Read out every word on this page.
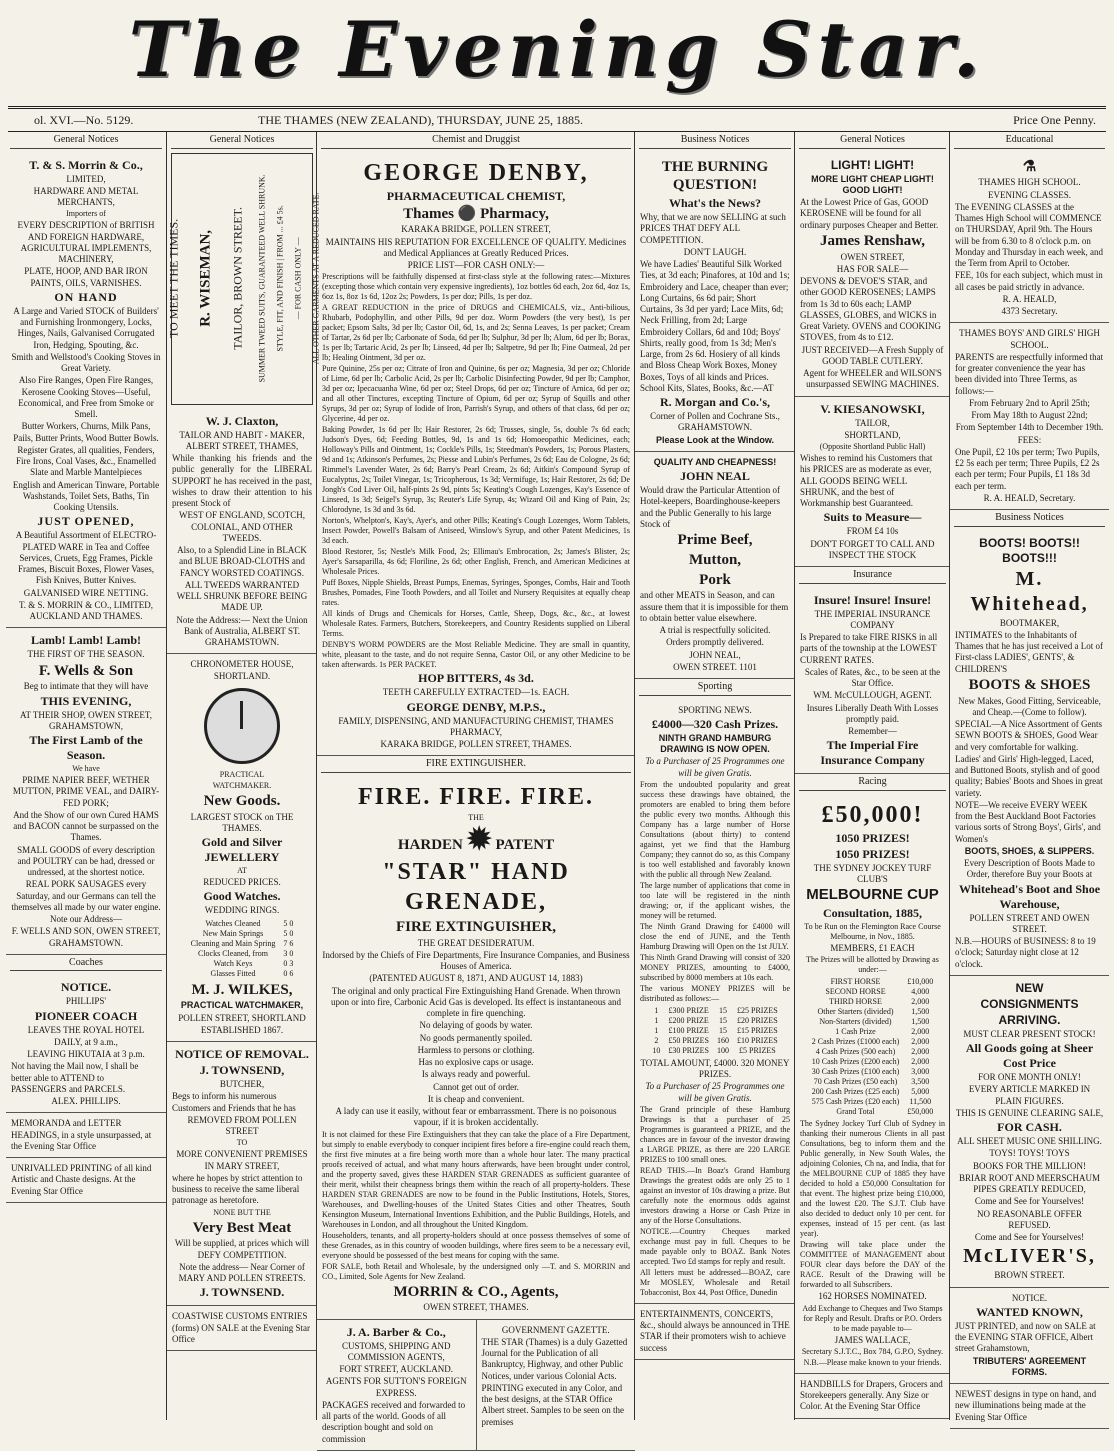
The Evening Star.
ol. XVI.—No. 5129.	THE THAMES (NEW ZEALAND), THURSDAY, JUNE 25, 1885.	Price One Penny.
General Notices

T. & S. Morrin & Co.,

LIMITED,

HARDWARE AND METAL MERCHANTS,

Importers of

EVERY DESCRIPTION of BRITISH AND FOREIGN HARDWARE, AGRICULTURAL IMPLEMENTS, MACHINERY,

PLATE, HOOP, AND BAR IRON PAINTS, OILS, VARNISHES.

ON HAND

A Large and Varied STOCK of Builders' and Furnishing Ironmongery, Locks, Hinges, Nails, Galvanised Corrugated Iron, Hedging, Spouting, &c.

Smith and Wellstood's Cooking Stoves in Great Variety.

Also Fire Ranges, Open Fire Ranges, Kerosene Cooking Stoves—Useful, Economical, and Free from Smoke or Smell.

Butter Workers, Churns, Milk Pans, Pails, Butter Prints, Wood Butter Bowls.

Register Grates, all qualities, Fenders, Fire Irons, Coal Vases, &c., Enamelled Slate and Marble Mantelpieces

English and American Tinware, Portable Washstands, Toilet Sets, Baths, Tin Cooking Utensils.

JUST OPENED,

A Beautiful Assortment of ELECTRO-PLATED WARE in Tea and Coffee Services, Cruets, Egg Frames, Pickle Frames, Biscuit Boxes, Flower Vases, Fish Knives, Butter Knives.

GALVANISED WIRE NETTING.

T. & S. MORRIN & CO., LIMITED, AUCKLAND AND THAMES.

Lamb! Lamb! Lamb!

THE FIRST OF THE SEASON.

F. Wells & Son

Beg to intimate that they will have

THIS EVENING,

AT THEIR SHOP, OWEN STREET, GRAHAMSTOWN,

The First Lamb of the Season.

We have

PRIME NAPIER BEEF, WETHER MUTTON, PRIME VEAL, and DAIRY-FED PORK;

And the Show of our own Cured HAMS and BACON cannot be surpassed on the Thames.

SMALL GOODS of every description and POULTRY can be had, dressed or undressed, at the shortest notice.

REAL PORK SAUSAGES every Saturday, and our Germans can tell the themselves all made by our water engine.

Note our Address—

F. WELLS AND SON, OWEN STREET, GRAHAMSTOWN.

Coaches

NOTICE.

PHILLIPS'

PIONEER COACH

LEAVES THE ROYAL HOTEL

DAILY, at 9 a.m.,

LEAVING HIKUTAIA at 3 p.m.

Not having the Mail now, I shall be better able to ATTEND to PASSENGERS and PARCELS.

ALEX. PHILLIPS.

MEMORANDA and LETTER HEADINGS, in a style unsurpassed, at the Evening Star Office

UNRIVALLED PRINTING of all kind Artistic and Chaste designs. At the Evening Star Office

General Notices

TO MEET THE TIMES. R. WISEMAN, TAILOR, BROWN STREET. SUMMER TWEED SUITS, GUARANTEED WELL SHRUNK. STYLE, FIT, AND FINISH | FROM ... £4 5s. — FOR CASH ONLY — ALL OTHER GARMENTS AT A REDUCED RATE.

W. J. Claxton,

TAILOR AND HABIT - MAKER, ALBERT STREET, THAMES,

While thanking his friends and the public generally for the LIBERAL SUPPORT he has received in the past, wishes to draw their attention to his present Stock of

WEST OF ENGLAND, SCOTCH, COLONIAL, AND OTHER TWEEDS.

Also, to a Splendid Line in BLACK and BLUE BROAD-CLOTHS and FANCY WORSTED COATINGS.

ALL TWEEDS WARRANTED WELL SHRUNK BEFORE BEING MADE UP.

Note the Address:— Next the Union Bank of Australia, ALBERT ST. GRAHAMSTOWN.

CHRONOMETER HOUSE, SHORTLAND.

PRACTICAL

WATCHMAKER.

New Goods.

LARGEST STOCK on THE THAMES.

Gold and Silver JEWELLERY

AT

REDUCED PRICES.

Good Watches.

WEDDING RINGS.

Watches Cleaned	5 0
New Main Springs	5 0
Cleaning and Main Spring	7 6
Clocks Cleaned, from	3 0
Watch Keys	0 3
Glasses Fitted	0 6

M. J. WILKES,

PRACTICAL WATCHMAKER,

POLLEN STREET, SHORTLAND

ESTABLISHED 1867.

NOTICE OF REMOVAL.

J. TOWNSEND,

BUTCHER,

Begs to inform his numerous Customers and Friends that he has

REMOVED FROM POLLEN STREET

TO

MORE CONVENIENT PREMISES IN MARY STREET,

where he hopes by strict attention to business to receive the same liberal patronage as heretofore.

NONE BUT THE

Very Best Meat

Will be supplied, at prices which will DEFY COMPETITION.

Note the address— Near Corner of MARY AND POLLEN STREETS.

J. TOWNSEND.

COASTWISE CUSTOMS ENTRIES (forms) ON SALE at the Evening Star Office

Chemist and Druggist

GEORGE DENBY,

PHARMACEUTICAL CHEMIST,

Thames ⚫ Pharmacy,

KARAKA BRIDGE, POLLEN STREET,

MAINTAINS HIS REPUTATION FOR EXCELLENCE OF QUALITY. Medicines and Medical Appliances at Greatly Reduced Prices.

PRICE LIST—FOR CASH ONLY:—

Prescriptions will be faithfully dispensed at first-class style at the following rates:—Mixtures (excepting those which contain very expensive ingredients), 1oz bottles 6d each, 2oz 6d, 4oz 1s, 6oz 1s, 8oz 1s 6d, 12oz 2s; Powders, 1s per doz; Pills, 1s per doz.

A GREAT REDUCTION in the price of DRUGS and CHEMICALS, viz., Anti-bilious, Rhubarb, Podophyllin, and other Pills, 9d per doz. Worm Powders (the very best), 1s per packet; Epsom Salts, 3d per lb; Castor Oil, 6d, 1s, and 2s; Senna Leaves, 1s per packet; Cream of Tartar, 2s 6d per lb; Carbonate of Soda, 6d per lb; Sulphur, 3d per lb; Alum, 6d per lb; Borax, 1s per lb; Tartaric Acid, 2s per lb; Linseed, 4d per lb; Saltpetre, 9d per lb; Fine Oatmeal, 2d per lb; Healing Ointment, 3d per oz.

Pure Quinine, 25s per oz; Citrate of Iron and Quinine, 6s per oz; Magnesia, 3d per oz; Chloride of Lime, 6d per lb; Carbolic Acid, 2s per lb; Carbolic Disinfecting Powder, 9d per lb; Camphor, 3d per oz; Ipecacuanha Wine, 6d per oz; Steel Drops, 6d per oz; Tincture of Arnica, 6d per oz; and all other Tinctures, excepting Tincture of Opium, 6d per oz; Syrup of Squills and other Syrups, 3d per oz; Syrup of Iodide of Iron, Parrish's Syrup, and others of that class, 6d per oz; Glycerine, 4d per oz.

Baking Powder, 1s 6d per lb; Hair Restorer, 2s 6d; Trusses, single, 5s, double 7s 6d each; Judson's Dyes, 6d; Feeding Bottles, 9d, 1s and 1s 6d; Homoeopathic Medicines, each; Holloway's Pills and Ointment, 1s; Cockle's Pills, 1s; Steedman's Powders, 1s; Porous Plasters, 9d and 1s; Atkinson's Perfumes, 2s; Piesse and Lubin's Perfumes, 2s 6d; Eau de Cologne, 2s 6d; Rimmel's Lavender Water, 2s 6d; Barry's Pearl Cream, 2s 6d; Aitkin's Compound Syrup of Eucalyptus, 2s; Toilet Vinegar, 1s; Tricopherous, 1s 3d; Vermifuge, 1s; Hair Restorer, 2s 6d; De Jongh's Cod Liver Oil, half-pints 2s 9d, pints 5s; Keating's Cough Lozenges, Kay's Essence of Linseed, 1s 3d; Seigel's Syrup, 3s; Reuter's Life Syrup, 4s; Wizard Oil and King of Pain, 2s; Chlorodyne, 1s 3d and 3s 6d.

Norton's, Whelpton's, Kay's, Ayer's, and other Pills; Keating's Cough Lozenges, Worm Tablets, Insect Powder, Powell's Balsam of Aniseed, Winslow's Syrup, and other Patent Medicines, 1s 3d each.

Blood Restorer, 5s; Nestle's Milk Food, 2s; Ellimau's Embrocation, 2s; James's Blister, 2s; Ayer's Sarsaparilla, 4s 6d; Floriline, 2s 6d; other English, French, and American Medicines at Wholesale Prices.

Puff Boxes, Nipple Shields, Breast Pumps, Enemas, Syringes, Sponges, Combs, Hair and Tooth Brushes, Pomades, Fine Tooth Powders, and all Toilet and Nursery Requisites at equally cheap rates.

All kinds of Drugs and Chemicals for Horses, Cattle, Sheep, Dogs, &c., &c., at lowest Wholesale Rates. Farmers, Butchers, Storekeepers, and Country Residents supplied on Liberal Terms.

DENBY'S WORM POWDERS are the Most Reliable Medicine. They are small in quantity, white, pleasant to the taste, and do not require Senna, Castor Oil, or any other Medicine to be taken afterwards. 1s PER PACKET.

HOP BITTERS, 4s 3d.

TEETH CAREFULLY EXTRACTED—1s. EACH.

GEORGE DENBY, M.P.S.,

FAMILY, DISPENSING, AND MANUFACTURING CHEMIST, THAMES PHARMACY,

KARAKA BRIDGE, POLLEN STREET, THAMES.

FIRE EXTINGUISHER.

FIRE. FIRE. FIRE.

THE

HARDEN ✹ PATENT

"STAR" HAND GRENADE,

FIRE EXTINGUISHER,

THE GREAT DESIDERATUM.

Indorsed by the Chiefs of Fire Departments, Fire Insurance Companies, and Business Houses of America.

(PATENTED AUGUST 8, 1871, AND AUGUST 14, 1883)

The original and only practical Fire Extinguishing Hand Grenade. When thrown upon or into fire, Carbonic Acid Gas is developed. Its effect is instantaneous and complete in fire quenching.

No delaying of goods by water.

No goods permanently spoiled.

Harmless to persons or clothing.

Has no explosive caps or usage.

Is always ready and powerful.

Cannot get out of order.

It is cheap and convenient.

A lady can use it easily, without fear or embarrassment. There is no poisonous vapour, if it is broken accidentally.

It is not claimed for these Fire Extinguishers that they can take the place of a Fire Department, but simply to enable everybody to conquer incipient fires before a fire-engine could reach them, the first five minutes at a fire being worth more than a whole hour later. The many practical proofs received of actual, and what many hours afterwards, have been brought under control, and the property saved, gives these HARDEN STAR GRENADES as sufficient guarantee of their merit, whilst their cheapness brings them within the reach of all property-holders. These HARDEN STAR GRENADES are now to be found in the Public Institutions, Hotels, Stores, Warehouses, and Dwelling-houses of the United States Cities and other Theatres, South Kensington Museum, International Inventions Exhibition, and the Public Buildings, Hotels, and Warehouses in London, and all throughout the United Kingdom.

Householders, tenants, and all property-holders should at once possess themselves of some of these Grenades, as in this country of wooden buildings, where fires seem to be a necessary evil, everyone should be possessed of the best means for coping with the same.

FOR SALE, both Retail and Wholesale, by the undersigned only —T. and S. MORRIN and CO., Limited, Sole Agents for New Zealand.

MORRIN & CO., Agents,

OWEN STREET, THAMES.

J. A. Barber & Co.,

CUSTOMS, SHIPPING AND COMMISSION AGENTS,

FORT STREET, AUCKLAND.

AGENTS FOR SUTTON'S FOREIGN EXPRESS.

PACKAGES received and forwarded to all parts of the world. Goods of all description bought and sold on commission

GOVERNMENT GAZETTE.

THE STAR (Thames) is a duly Gazetted Journal for the Publication of all Bankruptcy, Highway, and other Public Notices, under various Colonial Acts.

PRINTING executed in any Color, and the best designs, at the STAR Office Albert street. Samples to be seen on the premises

Business Notices

THE BURNING QUESTION!

What's the News?

Why, that we are now SELLING at such PRICES THAT DEFY ALL COMPETITION.

DON'T LAUGH.

We have Ladies' Beautiful Silk Worked Ties, at 3d each; Pinafores, at 10d and 1s; Embroidery and Lace, cheaper than ever; Long Curtains, 6s 6d pair; Short Curtains, 3s 3d per yard; Lace Mits, 6d; Neck Frilling, from 2d; Large Embroidery Collars, 6d and 10d; Boys' Shirts, really good, from 1s 3d; Men's Large, from 2s 6d. Hosiery of all kinds and Bloss Cheap Work Boxes, Money Boxes, Toys of all kinds and Prices. School Kits, Slates, Books, &c.—AT

R. Morgan and Co.'s,

Corner of Pollen and Cochrane Sts., GRAHAMSTOWN.

Please Look at the Window.

QUALITY AND CHEAPNESS!

JOHN NEAL

Would draw the Particular Attention of Hotel-keepers, Boardinghouse-keepers and the Public Generally to his large Stock of

Prime Beef,

Mutton,

Pork

and other MEATS in Season, and can assure them that it is impossible for them to obtain better value elsewhere.

A trial is respectfully solicited.

Orders promptly delivered.

JOHN NEAL,

OWEN STREET. 1101

Sporting

SPORTING NEWS.

£4000—320 Cash Prizes.

NINTH GRAND HAMBURG DRAWING IS NOW OPEN.

To a Purchaser of 25 Programmes one will be given Gratis.

From the undoubted popularity and great success these drawings have obtained, the promoters are enabled to bring them before the public every two months. Although this Company has a large number of Horse Consultations (about thirty) to contend against, yet we find that the Hamburg Company; they cannot do so, as this Company is too well established and favorably known with the public all through New Zealand.

The large number of applications that come in too late will be registered in the ninth drawing; or, if the applicant wishes, the money will be returned.

The Ninth Grand Drawing for £4000 will close the end of JUNE, and the Tenth Hamburg Drawing will Open on the 1st JULY.

This Ninth Grand Drawing will consist of 320 MONEY PRIZES, amounting to £4000, subscribed by 8000 members at 10s each.

The various MONEY PRIZES will be distributed as follows:—

1	£300 PRIZE	15	£25 PRIZES
1	£200 PRIZE	15	£20 PRIZES
1	£100 PRIZE	15	£15 PRIZES
2	£50 PRIZES	160	£10 PRIZES
10	£30 PRIZES	100	£5 PRIZES

TOTAL AMOUNT, £4000. 320 MONEY PRIZES.

To a Purchaser of 25 Programmes one will be given Gratis.

The Grand principle of these Hamburg Drawings is that a purchaser of 25 Programmes is guaranteed a PRIZE, and the chances are in favour of the investor drawing a LARGE PRIZE, as there are 220 LARGE PRIZES to 100 small ones.

READ THIS.—In Boaz's Grand Hamburg Drawings the greatest odds are only 25 to 1 against an investor of 10s drawing a prize. But carefully note the enormous odds against investors drawing a Horse or Cash Prize in any of the Horse Consultations.

NOTICE.—Country Cheques marked exchange must pay in full. Cheques to be made payable only to BOAZ. Bank Notes accepted. Two £d stamps for reply and result.

All letters must be addressed—BOAZ, care Mr MOSLEY, Wholesale and Retail Tobacconist, Box 44, Post Office, Dunedin

ENTERTAINMENTS, CONCERTS, &c., should always be announced in THE STAR if their promoters wish to achieve success

General Notices

LIGHT! LIGHT!

MORE LIGHT CHEAP LIGHT! GOOD LIGHT!

At the Lowest Price of Gas, GOOD KEROSENE will be found for all ordinary purposes Cheaper and Better.

James Renshaw,

OWEN STREET,

HAS FOR SALE—

DEVONS & DEVOE'S STAR, and other GOOD KEROSENES; LAMPS from 1s 3d to 60s each; LAMP GLASSES, GLOBES, and WICKS in Great Variety. OVENS and COOKING STOVES, from 4s to £12.

JUST RECEIVED—A Fresh Supply of GOOD TABLE CUTLERY.

Agent for WHEELER and WILSON'S unsurpassed SEWING MACHINES.

V. KIESANOWSKI,

TAILOR,

SHORTLAND,

(Opposite Shortland Public Hall)

Wishes to remind his Customers that his PRICES are as moderate as ever, ALL GOODS BEING WELL SHRUNK, and the best of Workmanship best Guaranteed.

Suits to Measure—

FROM £4 10s

DON'T FORGET TO CALL AND INSPECT THE STOCK

Insurance

Insure! Insure! Insure!

THE IMPERIAL INSURANCE COMPANY

Is Prepared to take FIRE RISKS in all parts of the township at the LOWEST CURRENT RATES.

Scales of Rates, &c., to be seen at the Star Office.

WM. McCULLOUGH, AGENT.

Insures Liberally Death With Losses promptly paid.

Remember—

The Imperial Fire Insurance Company

Racing

£50,000!

1050 PRIZES!

1050 PRIZES!

THE SYDNEY JOCKEY TURF CLUB'S

MELBOURNE CUP

Consultation, 1885,

To be Run on the Flemington Race Course Melbourne, in Nov., 1885.

MEMBERS, £1 EACH

The Prizes will be allotted by Drawing as under:—

FIRST HORSE	£10,000
SECOND HORSE	4,000
THIRD HORSE	2,000
Other Starters (divided)	1,500
Non-Starters (divided)	1,500
1 Cash Prize	2,000
2 Cash Prizes (£1000 each)	2,000
4 Cash Prizes (500 each)	2,000
10 Cash Prizes (£200 each)	2,000
30 Cash Prizes (£100 each)	3,000
70 Cash Prizes (£50 each)	3,500
200 Cash Prizes (£25 each)	5,000
575 Cash Prizes (£20 each)	11,500
Grand Total	£50,000

The Sydney Jockey Turf Club of Sydney in thanking their numerous Clients in all past Consultations, beg to inform them and the Public generally, in New South Wales, the adjoining Colonies, Ch na, and India, that for the MELBOURNE CUP of 1885 they have decided to hold a £50,000 Consultation for that event. The highest prize being £10,000, and the lowest £20. The S.J.T. Club have also decided to deduct only 10 per cent. for expenses, instead of 15 per cent. (as last year).

Drawing will take place under the COMMITTEE of MANAGEMENT about FOUR clear days before the DAY of the RACE. Result of the Drawing will be forwarded to all Subscribers.

162 HORSES NOMINATED.

Add Exchange to Cheques and Two Stamps for Reply and Result. Drafts or P.O. Orders to be made payable to—

JAMES WALLACE,

Secretary S.J.T.C., Box 784, G.P.O, Sydney.

N.B.—Please make known to your friends.

HANDBILLS for Drapers, Grocers and Storekeepers generally. Any Size or Color. At the Evening Star Office

Educational

⚗

THAMES HIGH SCHOOL.

EVENING CLASSES.

The EVENING CLASSES at the Thames High School will COMMENCE on THURSDAY, April 9th. The Hours will be from 6.30 to 8 o'clock p.m. on Monday and Thursday in each week, and the Term from April to October.

FEE, 10s for each subject, which must in all cases be paid strictly in advance.

R. A. HEALD,

4373 Secretary.

THAMES BOYS' AND GIRLS' HIGH SCHOOL.

PARENTS are respectfully informed that for greater convenience the year has been divided into Three Terms, as follows:—

From February 2nd to April 25th;

From May 18th to August 22nd;

From September 14th to December 19th.

FEES:

One Pupil, £2 10s per term; Two Pupils, £2 5s each per term; Three Pupils, £2 2s each per term; Four Pupils, £1 18s 3d each per term.

R. A. HEALD, Secretary.

Business Notices

BOOTS! BOOTS!! BOOTS!!!

M. Whitehead,

BOOTMAKER,

INTIMATES to the Inhabitants of Thames that he has just received a Lot of First-class LADIES', GENTS', & CHILDREN'S

BOOTS & SHOES

New Makes, Good Fitting, Serviceable, and Cheap.—(Come to follow).

SPECIAL—A Nice Assortment of Gents SEWN BOOTS & SHOES, Good Wear and very comfortable for walking.

Ladies' and Girls' High-legged, Laced, and Buttoned Boots, stylish and of good quality; Babies' Boots and Shoes in great variety.

NOTE—We receive EVERY WEEK from the Best Auckland Boot Factories various sorts of Strong Boys', Girls', and Women's

BOOTS, SHOES, & SLIPPERS.

Every Description of Boots Made to Order, therefore Buy your Boots at

Whitehead's Boot and Shoe Warehouse,

POLLEN STREET AND OWEN STREET.

N.B.—HOURS of BUSINESS: 8 to 19 o'clock; Saturday night close at 12 o'clock.

NEW

CONSIGNMENTS

ARRIVING.

MUST CLEAR PRESENT STOCK!

All Goods going at Sheer Cost Price

FOR ONE MONTH ONLY!

EVERY ARTICLE MARKED IN PLAIN FIGURES.

THIS IS GENUINE CLEARING SALE,

FOR CASH.

ALL SHEET MUSIC ONE SHILLING.

TOYS! TOYS! TOYS

BOOKS FOR THE MILLION!

BRIAR ROOT AND MEERSCHAUM PIPES GREATLY REDUCED,

Come and See for Yourselves!

NO REASONABLE OFFER REFUSED.

Come and See for Yourselves!

McLIVER'S,

BROWN STREET.

NOTICE.

WANTED KNOWN,

JUST PRINTED, and now on SALE at the EVENING STAR OFFICE, Albert street Grahamstown,

TRIBUTERS' AGREEMENT FORMS.

NEWEST designs in type on hand, and new illuminations being made at the Evening Star Office
